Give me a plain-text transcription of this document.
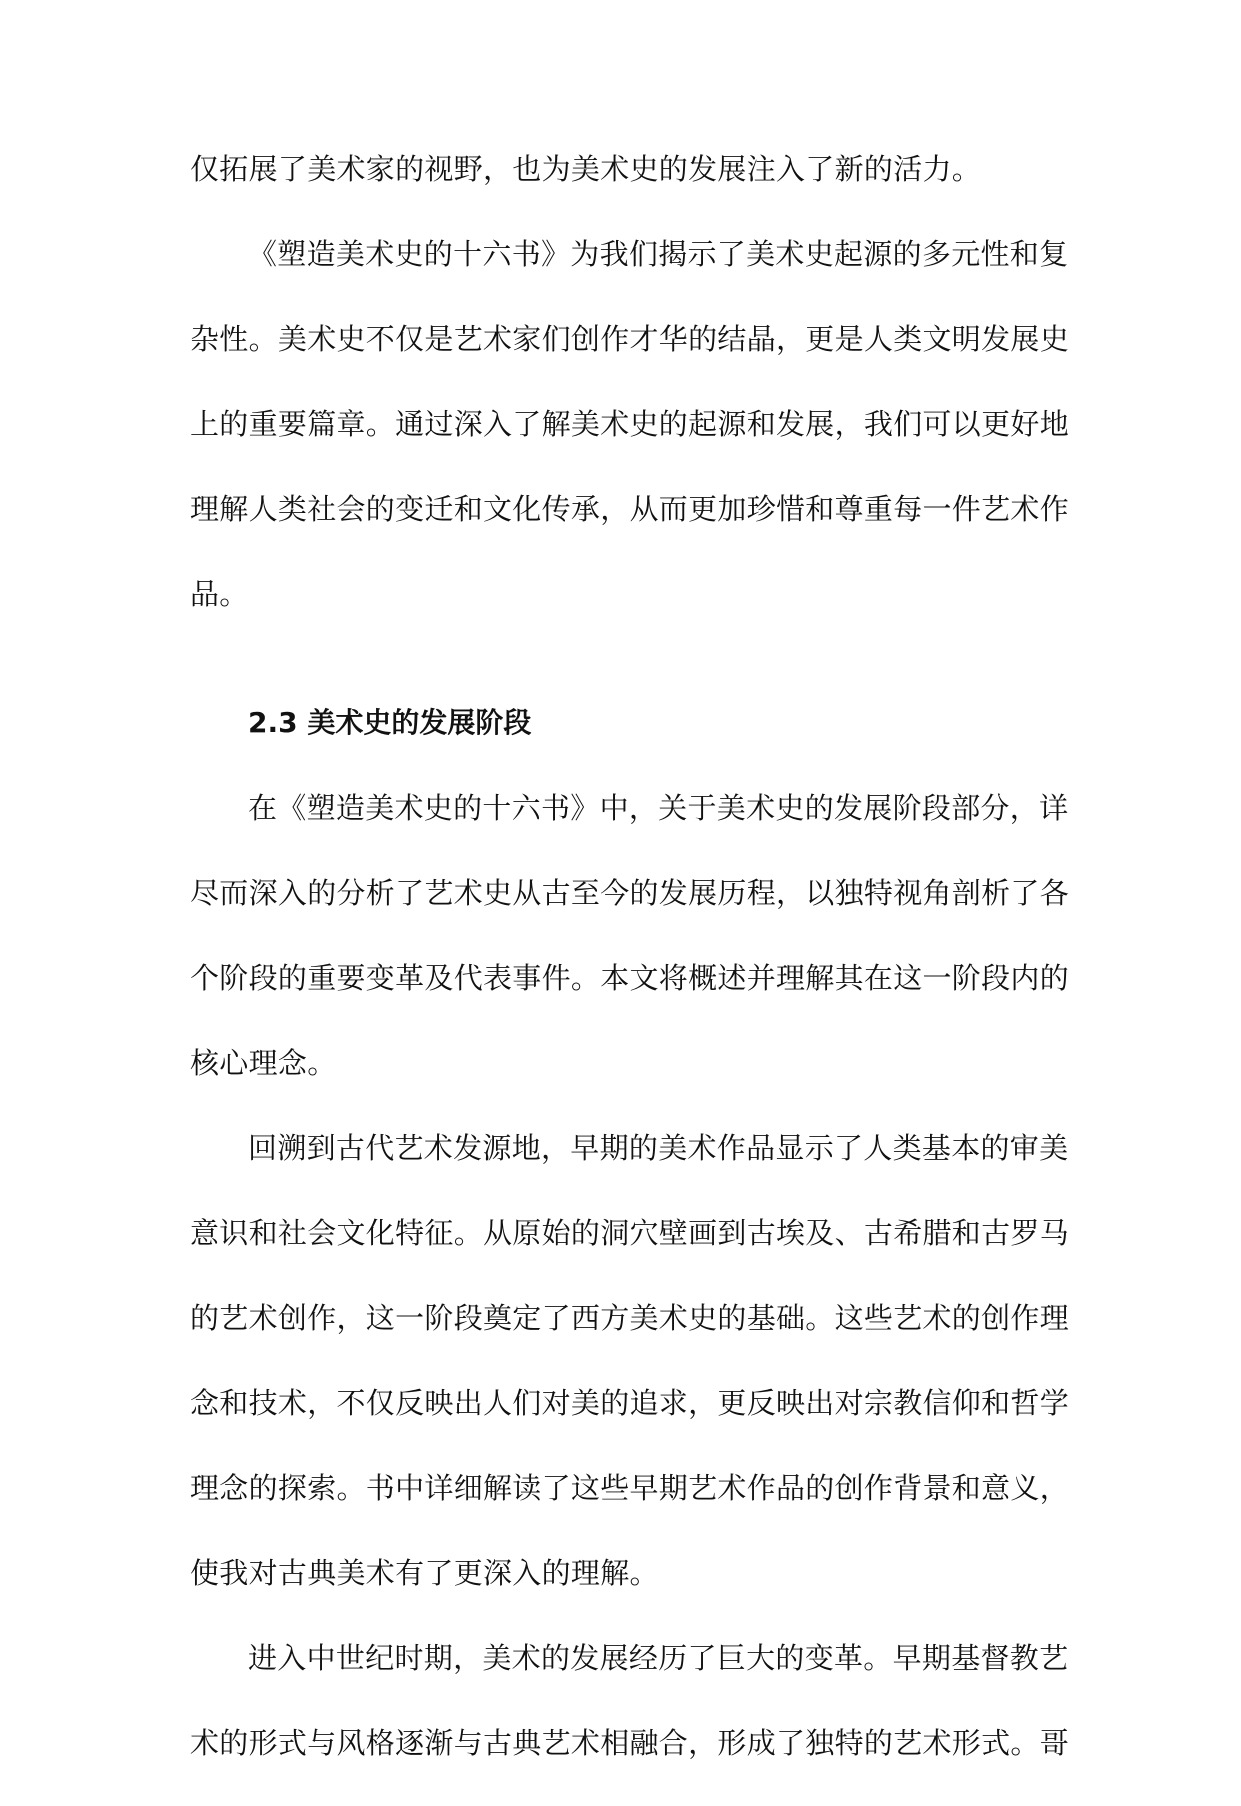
仅拓展了美术家的视野，也为美术史的发展注入了新的活力。
《塑造美术史的十六书》为我们揭示了美术史起源的多元性和复
杂性。美术史不仅是艺术家们创作才华的结晶，更是人类文明发展史
上的重要篇章。通过深入了解美术史的起源和发展，我们可以更好地
理解人类社会的变迁和文化传承，从而更加珍惜和尊重每一件艺术作
品。
2.3 美术史的发展阶段
在《塑造美术史的十六书》中，关于美术史的发展阶段部分，详
尽而深入的分析了艺术史从古至今的发展历程，以独特视角剖析了各
个阶段的重要变革及代表事件。本文将概述并理解其在这一阶段内的
核心理念。
回溯到古代艺术发源地，早期的美术作品显示了人类基本的审美
意识和社会文化特征。从原始的洞穴壁画到古埃及、古希腊和古罗马
的艺术创作，这一阶段奠定了西方美术史的基础。这些艺术的创作理
念和技术，不仅反映出人们对美的追求，更反映出对宗教信仰和哲学
理念的探索。书中详细解读了这些早期艺术作品的创作背景和意义，
使我对古典美术有了更深入的理解。
进入中世纪时期，美术的发展经历了巨大的变革。早期基督教艺
术的形式与风格逐渐与古典艺术相融合，形成了独特的艺术形式。哥
